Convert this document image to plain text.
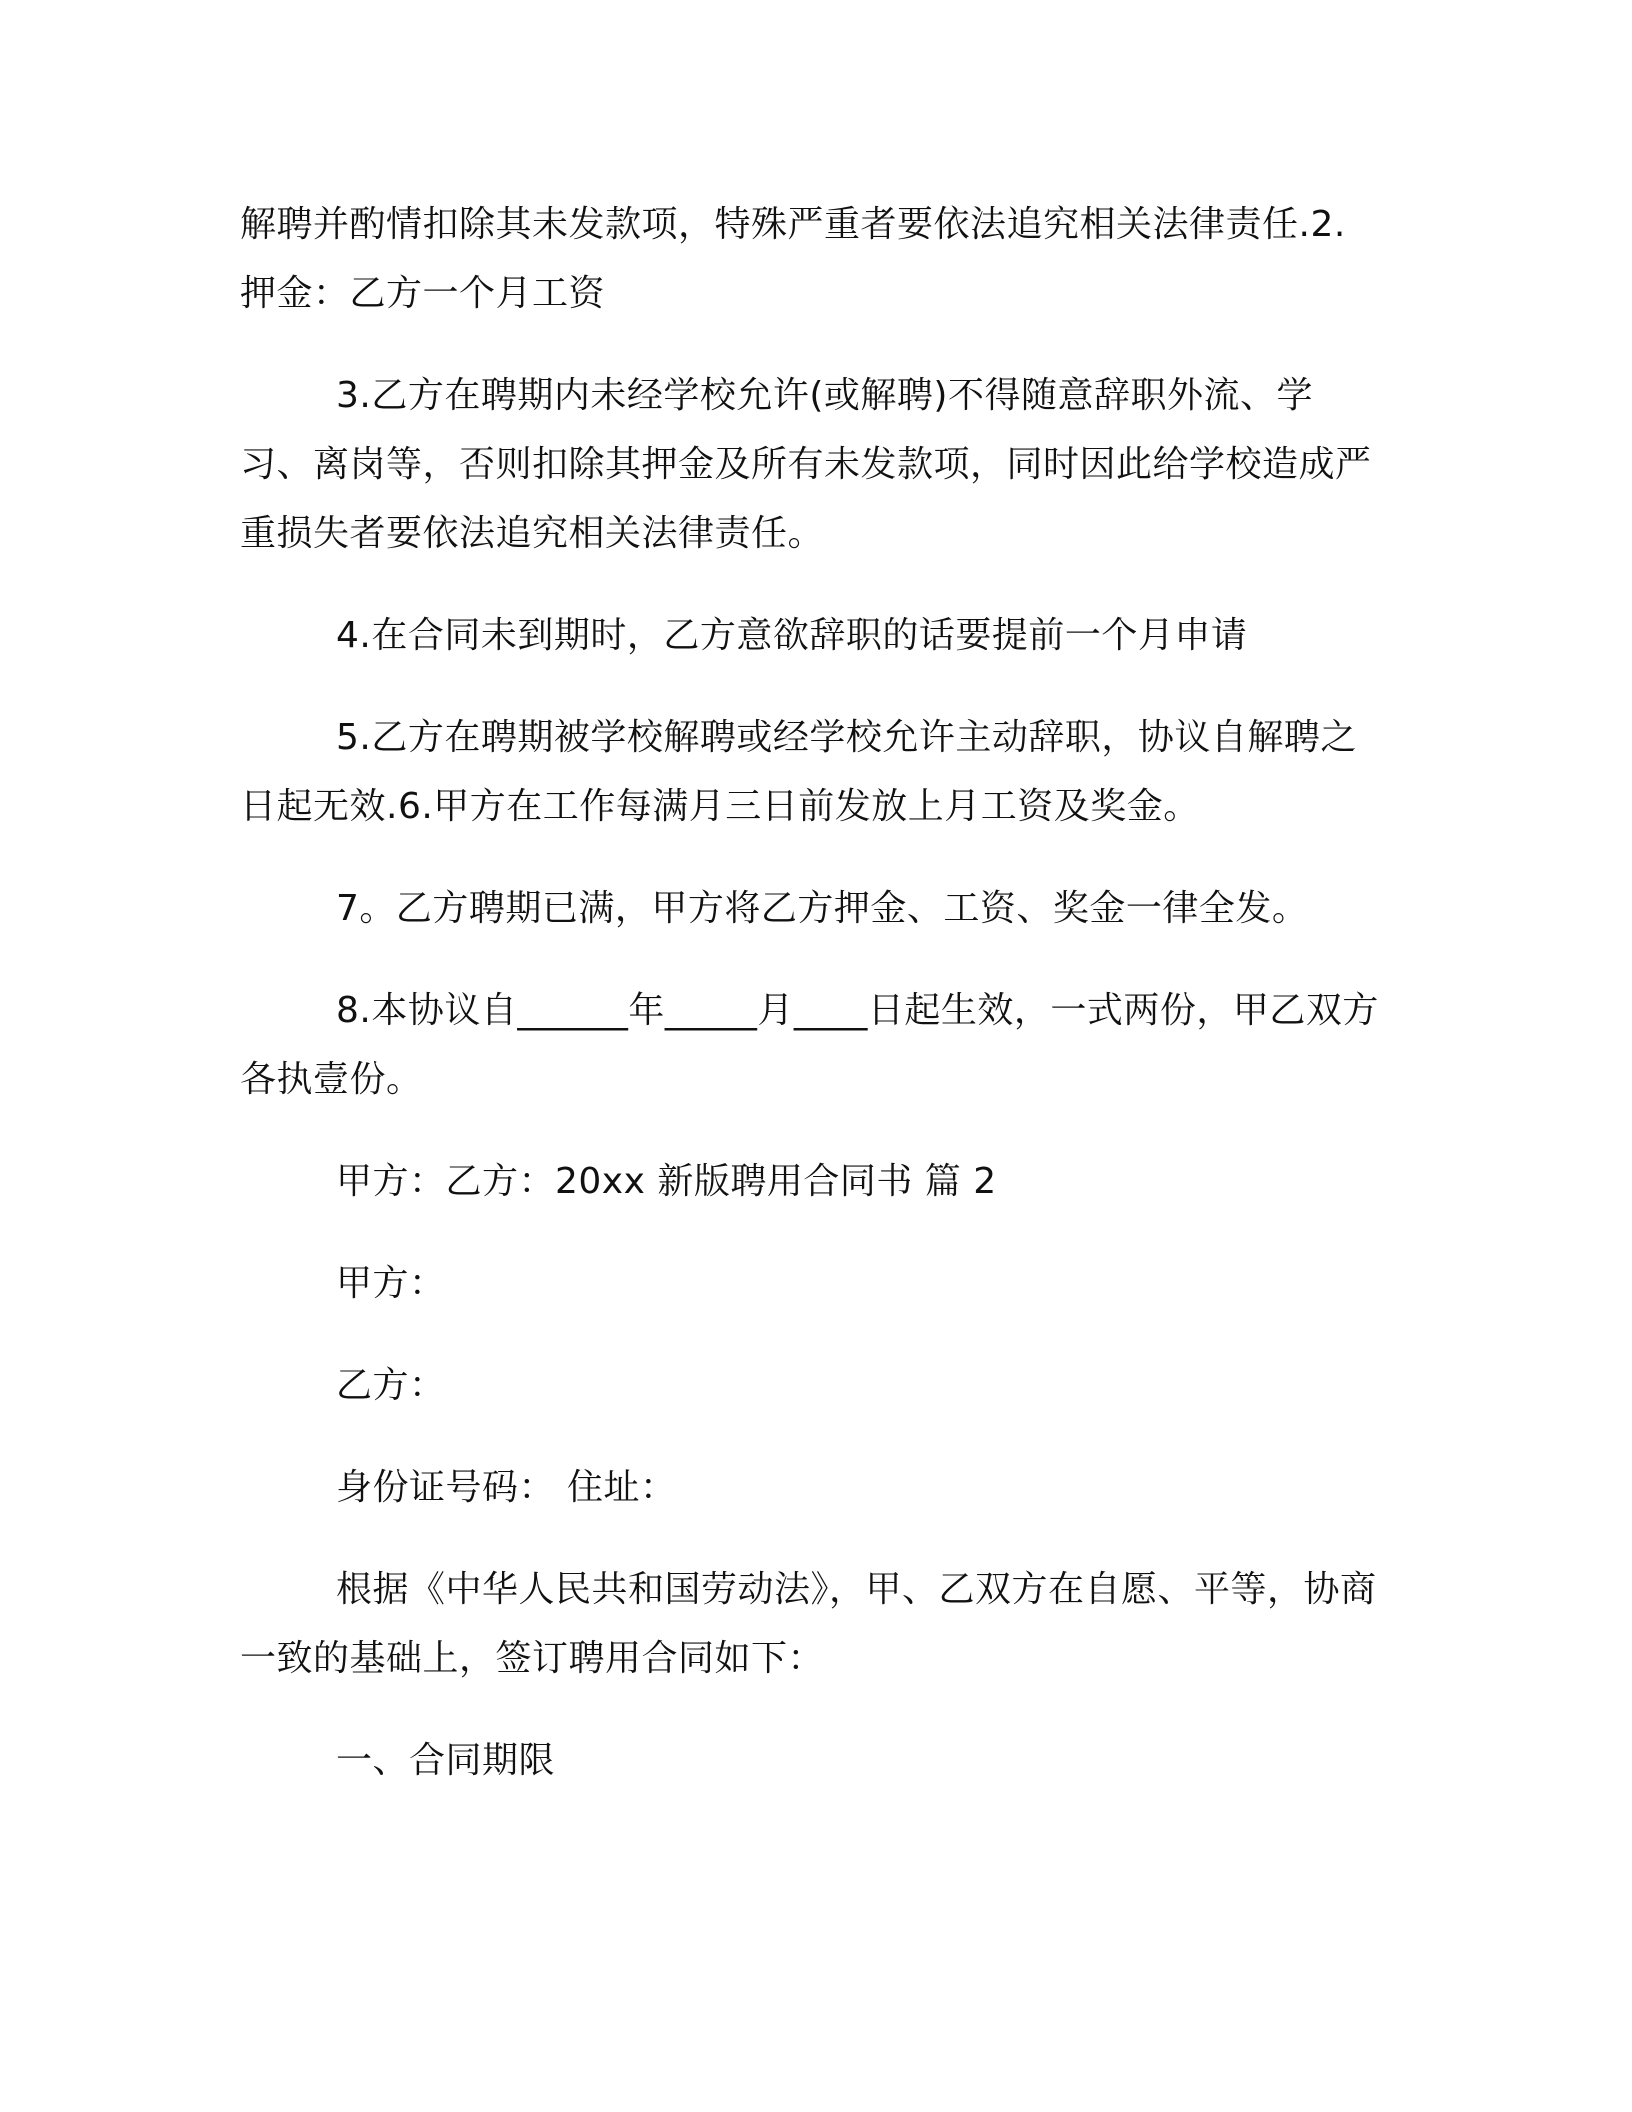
解聘并酌情扣除其未发款项，特殊严重者要依法追究相关法律责任.2.押金：乙方一个月工资

3.乙方在聘期内未经学校允许(或解聘)不得随意辞职外流、学习、离岗等，否则扣除其押金及所有未发款项，同时因此给学校造成严重损失者要依法追究相关法律责任。

4.在合同未到期时，乙方意欲辞职的话要提前一个月申请

5.乙方在聘期被学校解聘或经学校允许主动辞职，协议自解聘之日起无效.6.甲方在工作每满月三日前发放上月工资及奖金。

7。乙方聘期已满，甲方将乙方押金、工资、奖金一律全发。

8.本协议自______年_____月____日起生效，一式两份，甲乙双方各执壹份。

甲方：乙方：20xx 新版聘用合同书 篇 2

甲方：

乙方：

身份证号码： 住址：

根据《中华人民共和国劳动法》，甲、乙双方在自愿、平等，协商一致的基础上，签订聘用合同如下：

一、合同期限
